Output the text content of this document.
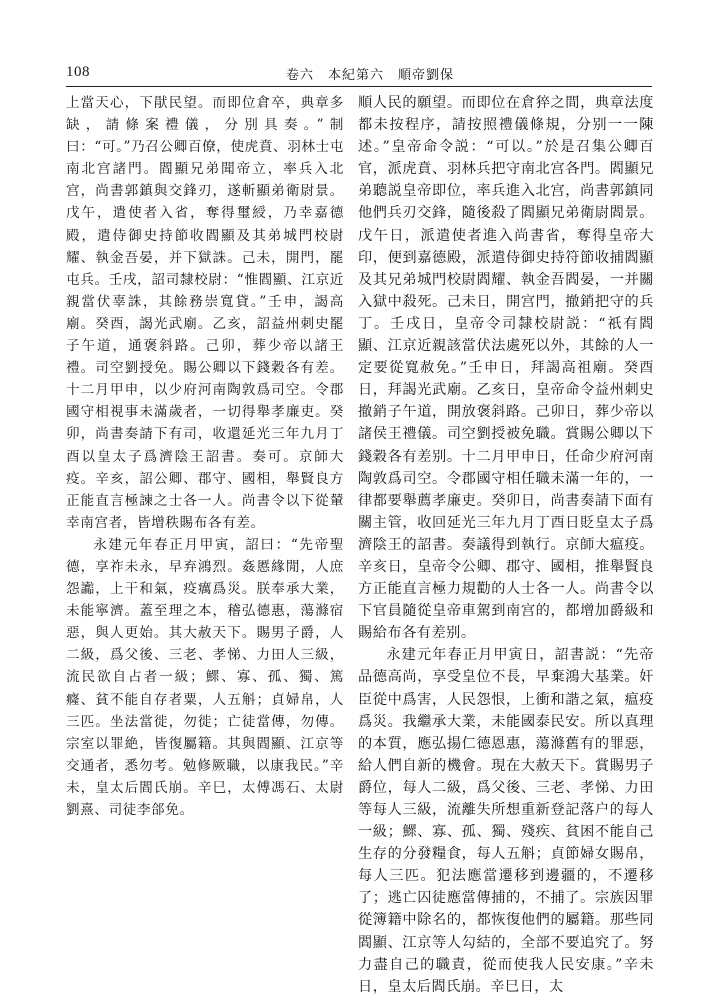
108	卷六　本紀第六　順帝劉保

上當天心，下猒民望。而即位倉卒，典章多缺，請條案禮儀，分別具奏。”制曰：“可。”乃召公卿百僚，使虎賁、羽林士屯南北宫諸門。閻顯兄弟聞帝立，率兵入北宫，尚書郭鎮與交鋒刃，遂斬顯弟衛尉景。戊午，遣使者入省，奪得璽綬，乃幸嘉德殿，遣侍御史持節收閻顯及其弟城門校尉耀、執金吾晏，并下獄誅。己未，開門，罷屯兵。壬戌，詔司隸校尉：“惟閻顯、江京近親當伏辜誅，其餘務崇寬貸。”壬申，謁高廟。癸酉，謁光武廟。乙亥，詔益州刺史罷子午道，通褒斜路。己卯，葬少帝以諸王禮。司空劉授免。賜公卿以下錢穀各有差。十二月甲申，以少府河南陶敦爲司空。令郡國守相視事未滿歲者，一切得舉孝廉吏。癸卯，尚書奏請下有司，收還延光三年九月丁酉以皇太子爲濟陰王詔書。奏可。京師大疫。辛亥，詔公卿、郡守、國相，舉賢良方正能直言極諫之士各一人。尚書令以下從輦幸南宫者，皆增秩賜布各有差。

永建元年春正月甲寅，詔曰：“先帝聖德，享祚未永，早弃鴻烈。姦慝緣閒，人庶怨讟，上干和氣，疫癘爲災。朕奉承大業，未能寧濟。蓋至理之本，稽弘德惠，蕩滌宿惡，與人更始。其大赦天下。賜男子爵，人二級，爲父後、三老、孝悌、力田人三級，流民欲自占者一級；鰥、寡、孤、獨、篤癃、貧不能自存者粟，人五斛；貞婦帛，人三匹。坐法當徙，勿徙；亡徒當傳，勿傳。宗室以罪絶，皆復屬籍。其與閻顯、江京等交通者，悉勿考。勉修厥職，以康我民。”辛未，皇太后閻氏崩。辛巳，太傅馮石、太尉劉熹、司徒李郃免。

順人民的願望。而即位在倉猝之間，典章法度都未按程序，請按照禮儀條規，分别一一陳述。”皇帝命令説：“可以。”於是召集公卿百官，派虎賁、羽林兵把守南北宫各門。閻顯兄弟聽説皇帝即位，率兵進入北宫，尚書郭鎮同他們兵刃交鋒，隨後殺了閻顯兄弟衛尉閻景。戊午日，派遣使者進入尚書省，奪得皇帝大印，便到嘉德殿，派遣侍御史持符節收捕閻顯及其兄弟城門校尉閻耀、執金吾閻晏，一并關入獄中殺死。己未日，開宫門，撤銷把守的兵丁。壬戌日，皇帝令司隸校尉説：“祇有閻顯、江京近親該當伏法處死以外，其餘的人一定要從寬赦免。”壬申日，拜謁高祖廟。癸酉日，拜謁光武廟。乙亥日，皇帝命令益州刺史撤銷子午道，開放褒斜路。己卯日，葬少帝以諸侯王禮儀。司空劉授被免職。賞賜公卿以下錢穀各有差别。十二月甲申日，任命少府河南陶敦爲司空。令郡國守相任職未滿一年的，一律都要舉薦孝廉吏。癸卯日，尚書奏請下面有關主管，收回延光三年九月丁酉日貶皇太子爲濟陰王的詔書。奏議得到執行。京師大瘟疫。辛亥日，皇帝令公卿、郡守、國相，推舉賢良方正能直言極力規勸的人士各一人。尚書令以下官員隨從皇帝車駕到南宫的，都增加爵級和賜給布各有差别。

永建元年春正月甲寅日，詔書説：“先帝品德高尚，享受皇位不長，早棄鴻大基業。奸臣從中爲害，人民怨恨，上衝和諧之氣，瘟疫爲災。我繼承大業，未能國泰民安。所以真理的本質，應弘揚仁德恩惠，蕩滌舊有的罪惡，給人們自新的機會。現在大赦天下。賞賜男子爵位，每人二級，爲父後、三老、孝悌、力田等每人三級，流離失所想重新登記落户的每人一級；鰥、寡、孤、獨、殘疾、貧困不能自己生存的分發糧食，每人五斛；貞節婦女賜帛，每人三匹。犯法應當遷移到邊疆的，不遷移了；逃亡囚徒應當傳捕的，不捕了。宗族因罪從簿籍中除名的，都恢復他們的屬籍。那些同閻顯、江京等人勾結的，全部不要追究了。努力盡自己的職責，從而使我人民安康。”辛未日，皇太后閻氏崩。辛巳日，太
